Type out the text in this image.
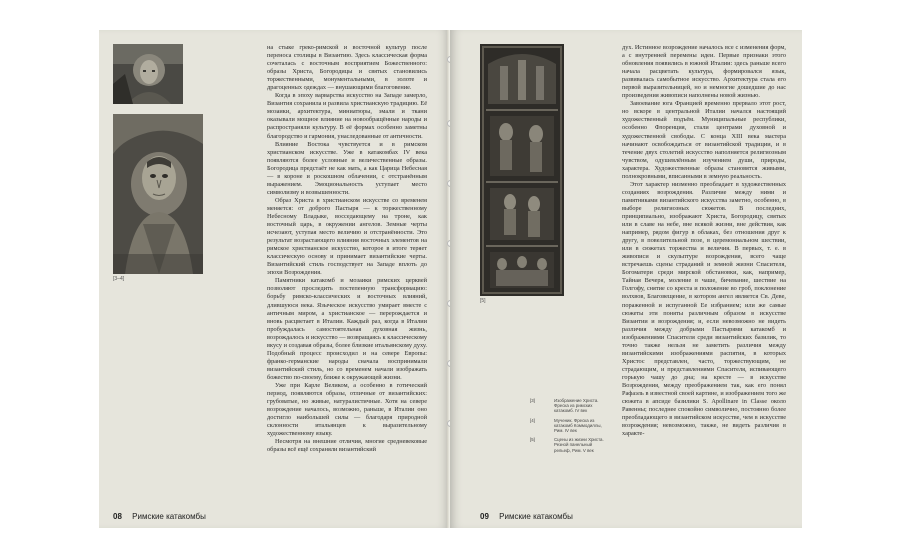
[3–4]

на стыке греко-римской и восточной культур после переноса столицы в Византию. Здесь классическая форма сочеталась с восточным восприятием Божественного: образы Христа, Богородицы и святых становились торжественными, монументальными, в золоте и драгоценных одеждах — внушающими благоговение.

Когда в эпоху варварства искусство на Западе замерло, Византия сохранила и развила христианскую традицию. Её мозаики, архитектура, миниатюры, эмали и ткани оказывали мощное влияние на новообращённые народы и распространяли культуру. В её формах особенно заметны благородство и гармония, унаследованные от античности.

Влияние Востока чувствуется и в римском христианском искусстве. Уже в катакомбах IV века появляются более условные и величественные образы. Богородица предстаёт не как мать, а как Царица Небесная — в короне и роскошном облачении, с отстранённым выражением. Эмоциональность уступает место символизму и возвышенности.

Образ Христа в христианском искусстве со временем меняется: от доброго Пастыря — к торжественному Небесному Владыке, восседающему на троне, как восточный царь, в окружении ангелов. Земные черты исчезают, уступая место величию и отстранённости. Это результат возрастающего влияния восточных элементов на римское христианское искусство, которое в итоге теряет классическую основу и принимает византийские черты. Византийский стиль господствует на Западе вплоть до эпохи Возрождения.

Памятники катакомб и мозаики римских церквей позволяют проследить постепенную трансформацию: борьбу римско-классических и восточных влияний, длившуюся века. Языческое искусство умирает вместе с античным миром, а христианское — перерождается и вновь расцветает в Италии. Каждый раз, когда в Италии пробуждалась самостоятельная духовная жизнь, возрождалось и искусство — возвращаясь к классическому вкусу и создавая образы, более близкие итальянскому духу. Подобный процесс происходил и на севере Европы: франко-германские народы сначала воспринимали византийский стиль, но со временем начали изображать божество по-своему, ближе к окружающей жизни.

Уже при Карле Великом, а особенно в готический период, появляются образы, отличные от византийских: грубоватые, но живые, натуралистичные. Хотя на севере возрождение началось, возможно, раньше, в Италии оно достигло наибольшей силы — благодаря природной склонности итальянцев к выразительному художественному языку.

Несмотря на внешние отличия, многие средневековые образы всё ещё сохраняли византийский

08 Римские катакомбы
[5]
[3]	Изображение Христа. Фреска из римских катакомб. IV век
[4]	Мученик. Фреска из катакомб Коммодиллы, Рим. IV век
[5]	Сцены из жизни Христа. Резной панельный рельеф, Рим. V век

дух. Истинное возрождение началось все с изменения форм, а с внутренней перемены идеи. Первые признаки этого обновления появились в южной Италии: здесь раньше всего начала расцветать культура, формировался язык, развивалась самобытное искусство. Архитектура стала его первой выразительницей, но и немногие дошедшие до нас произведения живописи наполнены новой жизнью.

Завоевание юга Францией временно прервало этот рост, но вскоре в центральной Италии начался настоящий художественный подъём. Муниципальные республики, особенно Флоренция, стали центрами духовной и художественной свободы. С конца XIII века мастера начинают освобождаться от византийской традиции, и в течение двух столетий искусство наполняется религиозным чувством, одушевлённым изучением души, природы, характера. Художественные образы становятся живыми, полнокровными, вписанными в земную реальность.

Этот характер низменно преобладает в художественных созданиях возрождения. Различие между ними и памятниками византийского искусства заметно, особенно, в выборе религиозных сюжетов. В последних, принципиально, изображают Христа, Богородицу, святых или в славе на небе, вне всякой жизни, вне действия, как например, рядом фигур в облаках, без отношения друг к другу, в повелительной позе, в церемониальном шествии, или в сюжетах торжества и величия. В первых, т. е. в живописи и скульптуре возрождения, всего чаще встречаешь сцены страданий и земной жизни Спасителя, Богоматери среди мирской обстановки, как, например, Тайная Вечеря, моление в чаше, бичевание, шествие на Голгофу, снятие со креста и положение во гроб, поклонение волхвов, Благовещение, в котором ангел является Св. Деве, пораженной и испуганной Ее избранием; или же самые сюжеты эти поняты различным образом в искусстве Византии и возрождения; и, если невозможно не видеть различия между добрыми Пастырями катакомб и изображениями Спасителя среди византийских базилик, то точно также нельзя не заметить различия между византийскими изображениями распятия, в которых Христос представлен, часто, торжествующим, не страдающим, и представлениями Спасителя, испивающего горькую чашу до дна; на кресте — в искусстве Возрождения, между преображением так, как его понял Рафаэль в известной своей картине, и изображением того же сюжета в апсиде базилики S. Apollinare in Classe около Равенны; последнее спокойно символично, постоянно более преобладающего в византийском искусстве, чем в искусстве возрождения; невозможно, также, не видеть различия в характе-

09 Римские катакомбы
